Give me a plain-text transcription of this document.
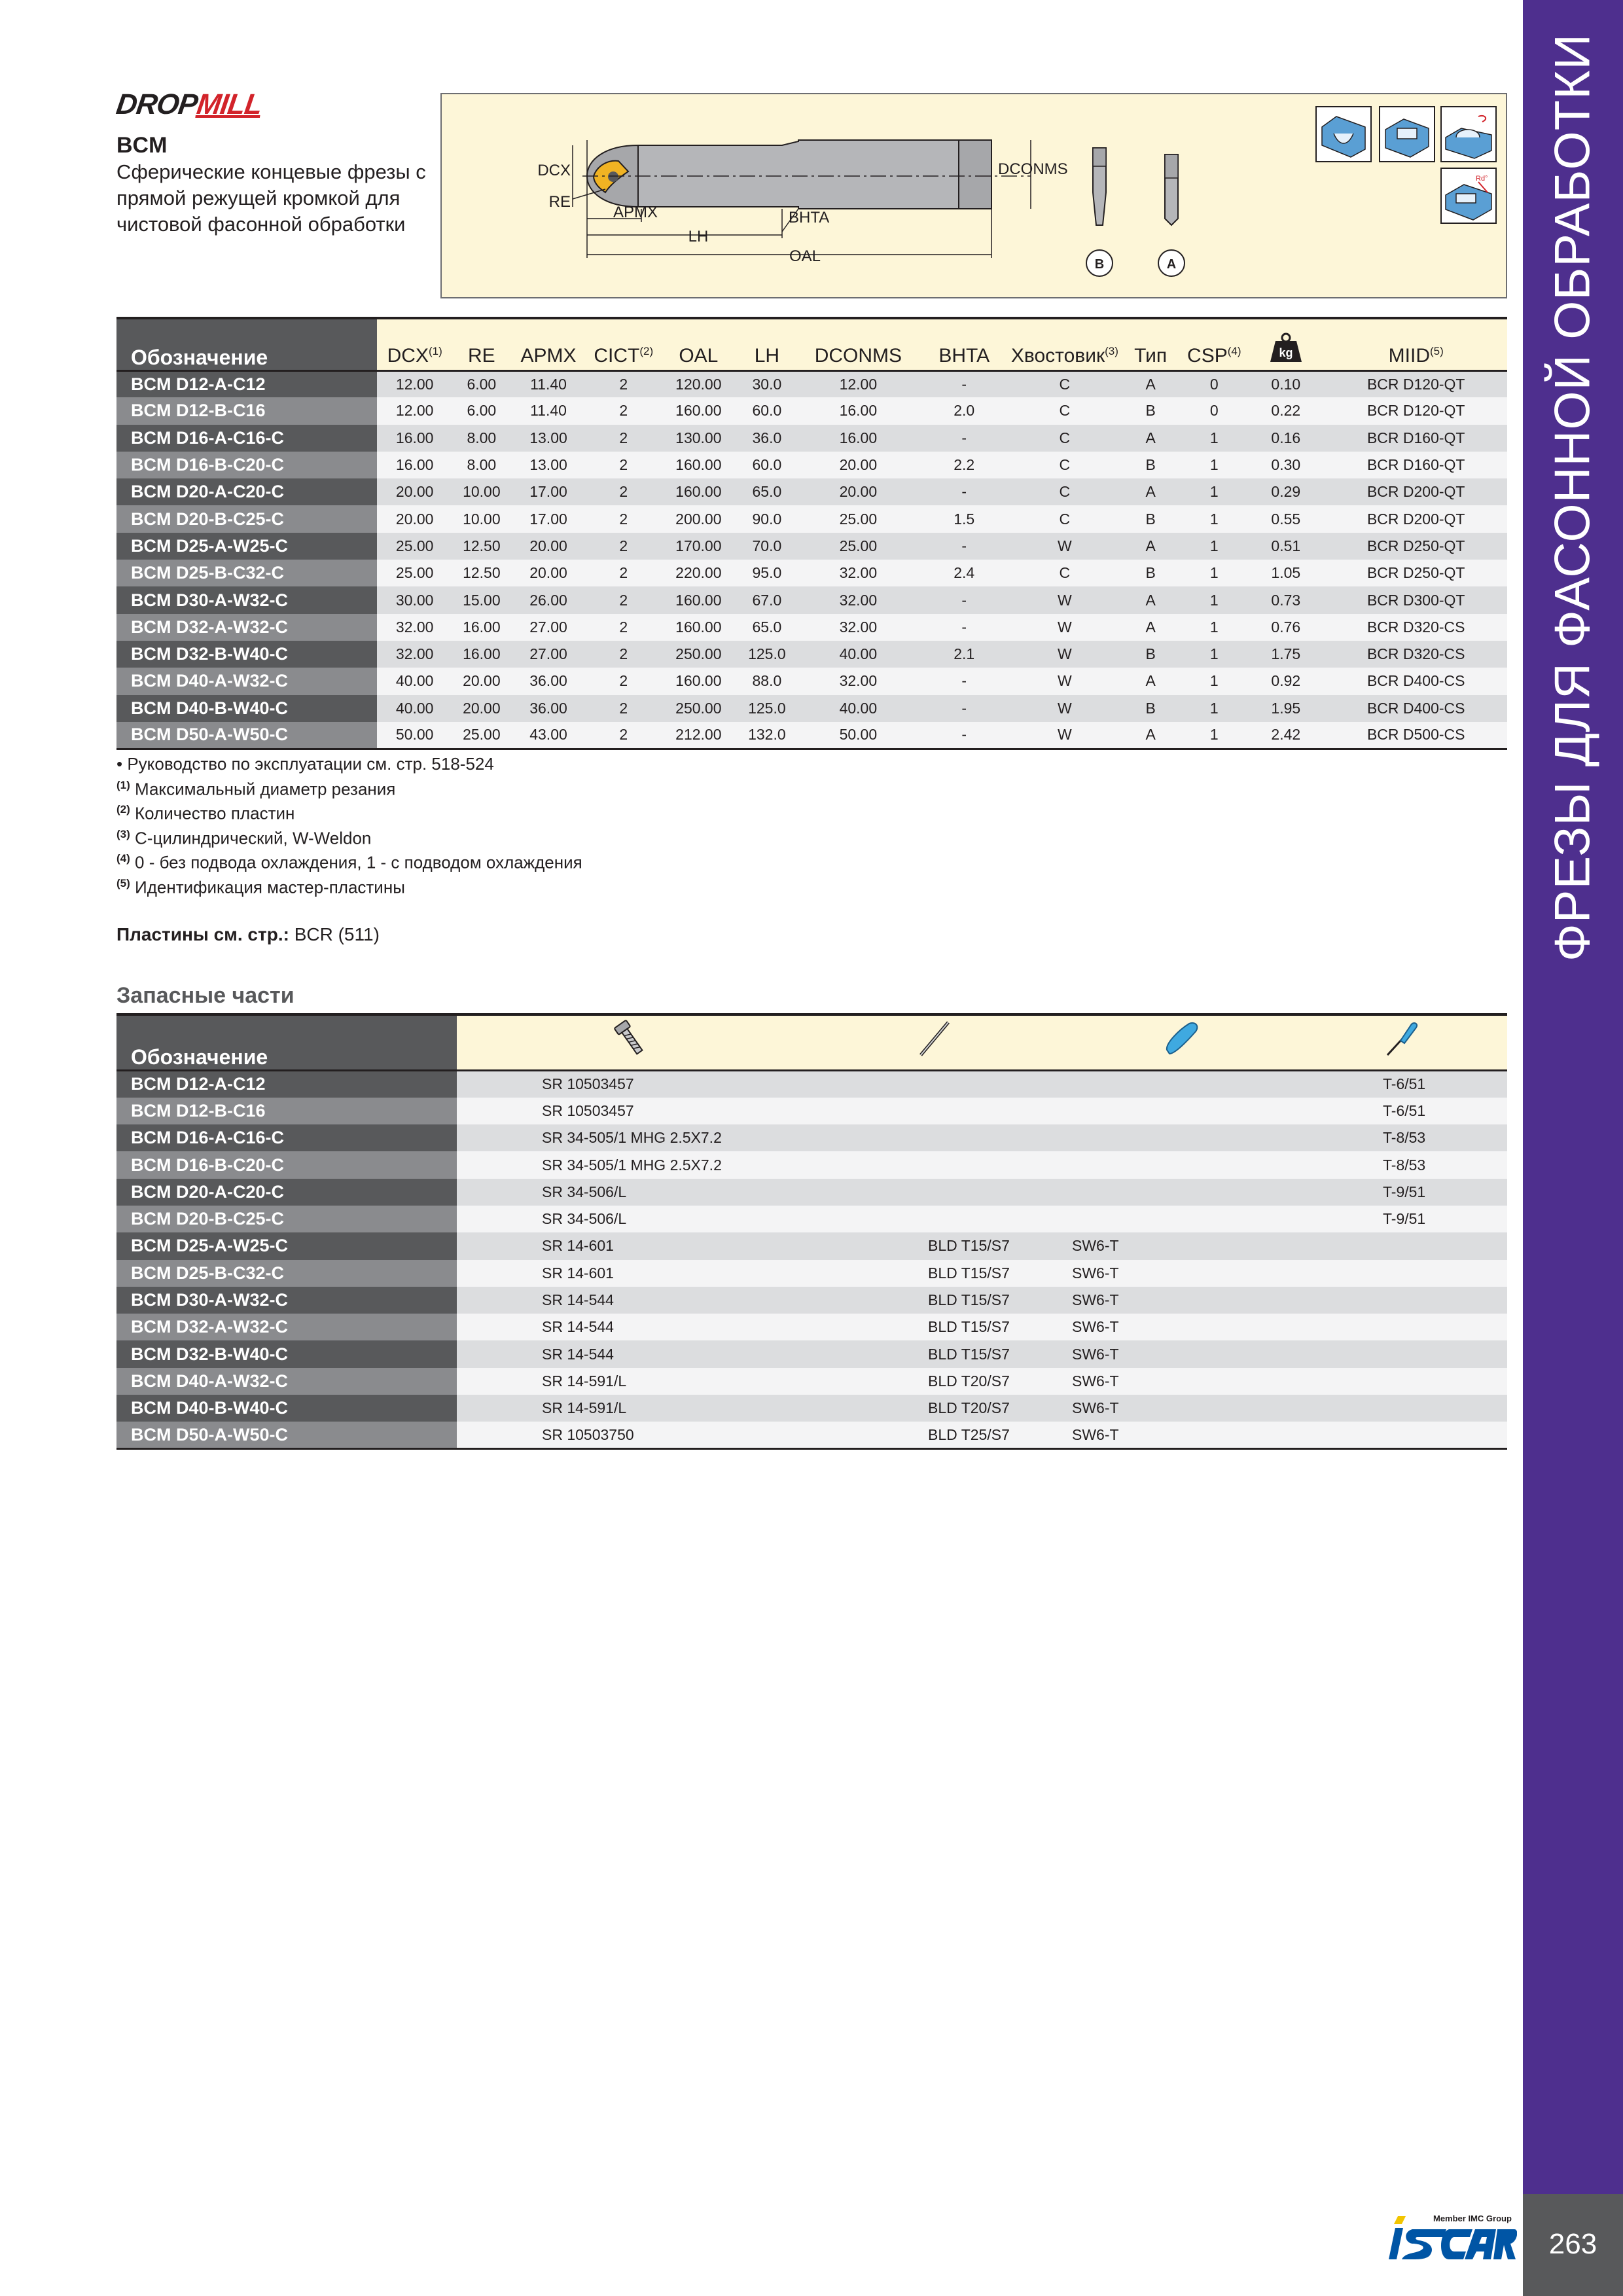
ФРЕЗЫ ДЛЯ ФАСОННОЙ ОБРАБОТКИ
263
DROPMILL
BCM
Сферические концевые фрезы с прямой режущей кромкой для чистовой фасонной обработки
DCX
RE
APMX
LH
BHTA
OAL
DCONMS
B	A
Rd°
Обозначение	DCX$^{(1)}$	RE	APMX	CICT$^{(2)}$	OAL	LH	DCONMS	BHTA	Хвостовик$^{(3)}$	Тип	CSP$^{(4)}$	kg	MIID$^{(5)}$
BCM D12-A-C12	12.00	6.00	11.40	2	120.00	30.0	12.00	-	C	A	0	0.10	BCR D120-QT
BCM D12-B-C16	12.00	6.00	11.40	2	160.00	60.0	16.00	2.0	C	B	0	0.22	BCR D120-QT
BCM D16-A-C16-C	16.00	8.00	13.00	2	130.00	36.0	16.00	-	C	A	1	0.16	BCR D160-QT
BCM D16-B-C20-C	16.00	8.00	13.00	2	160.00	60.0	20.00	2.2	C	B	1	0.30	BCR D160-QT
BCM D20-A-C20-C	20.00	10.00	17.00	2	160.00	65.0	20.00	-	C	A	1	0.29	BCR D200-QT
BCM D20-B-C25-C	20.00	10.00	17.00	2	200.00	90.0	25.00	1.5	C	B	1	0.55	BCR D200-QT
BCM D25-A-W25-C	25.00	12.50	20.00	2	170.00	70.0	25.00	-	W	A	1	0.51	BCR D250-QT
BCM D25-B-C32-C	25.00	12.50	20.00	2	220.00	95.0	32.00	2.4	C	B	1	1.05	BCR D250-QT
BCM D30-A-W32-C	30.00	15.00	26.00	2	160.00	67.0	32.00	-	W	A	1	0.73	BCR D300-QT
BCM D32-A-W32-C	32.00	16.00	27.00	2	160.00	65.0	32.00	-	W	A	1	0.76	BCR D320-CS
BCM D32-B-W40-C	32.00	16.00	27.00	2	250.00	125.0	40.00	2.1	W	B	1	1.75	BCR D320-CS
BCM D40-A-W32-C	40.00	20.00	36.00	2	160.00	88.0	32.00	-	W	A	1	0.92	BCR D400-CS
BCM D40-B-W40-C	40.00	20.00	36.00	2	250.00	125.0	40.00	-	W	B	1	1.95	BCR D400-CS
BCM D50-A-W50-C	50.00	25.00	43.00	2	212.00	132.0	50.00	-	W	A	1	2.42	BCR D500-CS
• Руководство по эксплуатации см. стр. 518-524
$^{(1)}$ Максимальный диаметр резания
$^{(2)}$ Количество пластин
$^{(3)}$ C-цилиндрический, W-Weldon
$^{(4)}$ 0 - без подвода охлаждения, 1 - с подводом охлаждения
$^{(5)}$ Идентификация мастер-пластины
Пластины см. стр.: BCR (511)
Запасные части
Обозначение				
BCM D12-A-C12	SR 10503457			T-6/51
BCM D12-B-C16	SR 10503457			T-6/51
BCM D16-A-C16-C	SR 34-505/1 MHG 2.5X7.2			T-8/53
BCM D16-B-C20-C	SR 34-505/1 MHG 2.5X7.2			T-8/53
BCM D20-A-C20-C	SR 34-506/L			T-9/51
BCM D20-B-C25-C	SR 34-506/L			T-9/51
BCM D25-A-W25-C	SR 14-601	BLD T15/S7	SW6-T	
BCM D25-B-C32-C	SR 14-601	BLD T15/S7	SW6-T	
BCM D30-A-W32-C	SR 14-544	BLD T15/S7	SW6-T	
BCM D32-A-W32-C	SR 14-544	BLD T15/S7	SW6-T	
BCM D32-B-W40-C	SR 14-544	BLD T15/S7	SW6-T	
BCM D40-A-W32-C	SR 14-591/L	BLD T20/S7	SW6-T	
BCM D40-B-W40-C	SR 14-591/L	BLD T20/S7	SW6-T	
BCM D50-A-W50-C	SR 10503750	BLD T25/S7	SW6-T	
Member IMC Group
